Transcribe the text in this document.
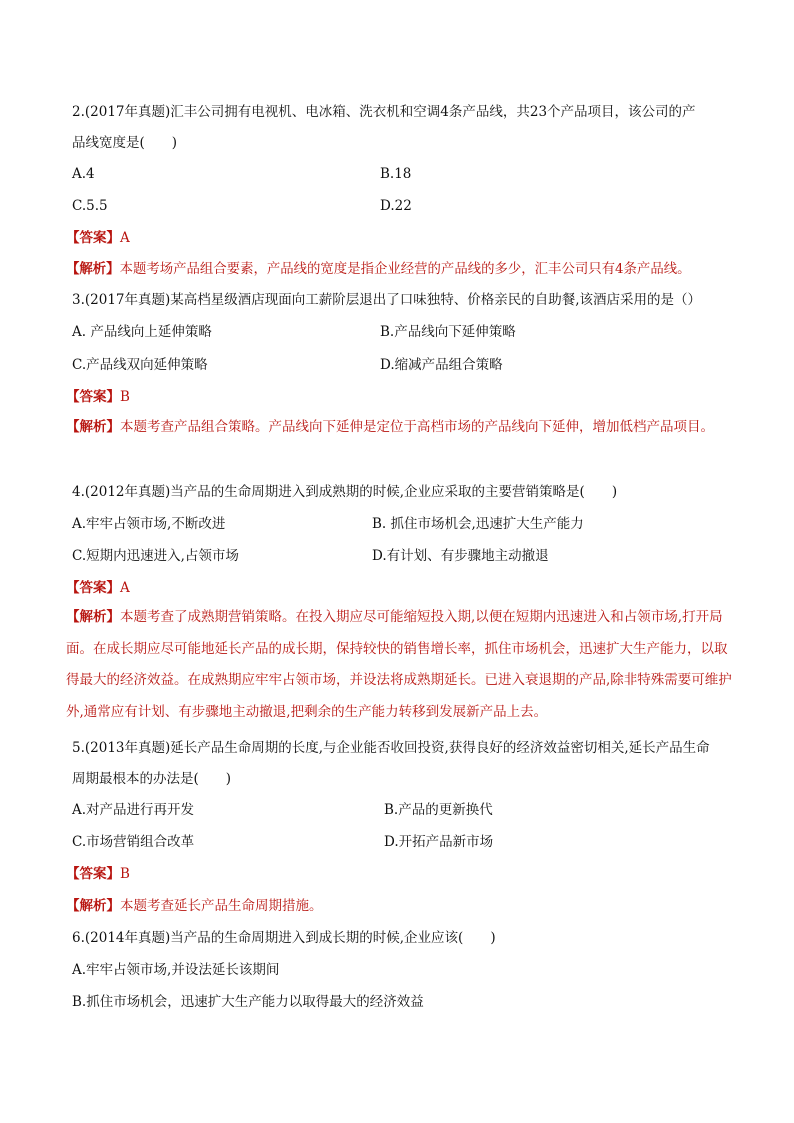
2.(2017年真题)汇丰公司拥有电视机、电冰箱、洗衣机和空调4条产品线，共23个产品项目，该公司的产
品线宽度是(　　)
A.4	B.18
C.5.5	D.22
【答案】A
【解析】本题考场产品组合要素，产品线的宽度是指企业经营的产品线的多少，汇丰公司只有4条产品线。
3.(2017年真题)某高档星级酒店现面向工薪阶层退出了口味独特、价格亲民的自助餐,该酒店采用的是（）
A. 产品线向上延伸策略	B.产品线向下延伸策略
C.产品线双向延伸策略	D.缩减产品组合策略
【答案】B
【解析】本题考查产品组合策略。产品线向下延伸是定位于高档市场的产品线向下延伸，增加低档产品项目。
4.(2012年真题)当产品的生命周期进入到成熟期的时候,企业应采取的主要营销策略是(　　)
A.牢牢占领市场,不断改进	B. 抓住市场机会,迅速扩大生产能力
C.短期内迅速进入,占领市场	D.有计划、有步骤地主动撤退
【答案】A
【解析】本题考查了成熟期营销策略。在投入期应尽可能缩短投入期,以便在短期内迅速进入和占领市场,打开局面。在成长期应尽可能地延长产品的成长期，保持较快的销售增长率，抓住市场机会，迅速扩大生产能力，以取得最大的经济效益。在成熟期应牢牢占领市场，并设法将成熟期延长。已进入衰退期的产品,除非特殊需要可维护外,通常应有计划、有步骤地主动撤退,把剩余的生产能力转移到发展新产品上去。
5.(2013年真题)延长产品生命周期的长度,与企业能否收回投资,获得良好的经济效益密切相关,延长产品生命
周期最根本的办法是(　　)
A.对产品进行再开发	B.产品的更新换代
C.市场营销组合改革	D.开拓产品新市场
【答案】B
【解析】本题考查延长产品生命周期措施。
6.(2014年真题)当产品的生命周期进入到成长期的时候,企业应该(　　)
A.牢牢占领市场,并设法延长该期间
B.抓住市场机会，迅速扩大生产能力以取得最大的经济效益
